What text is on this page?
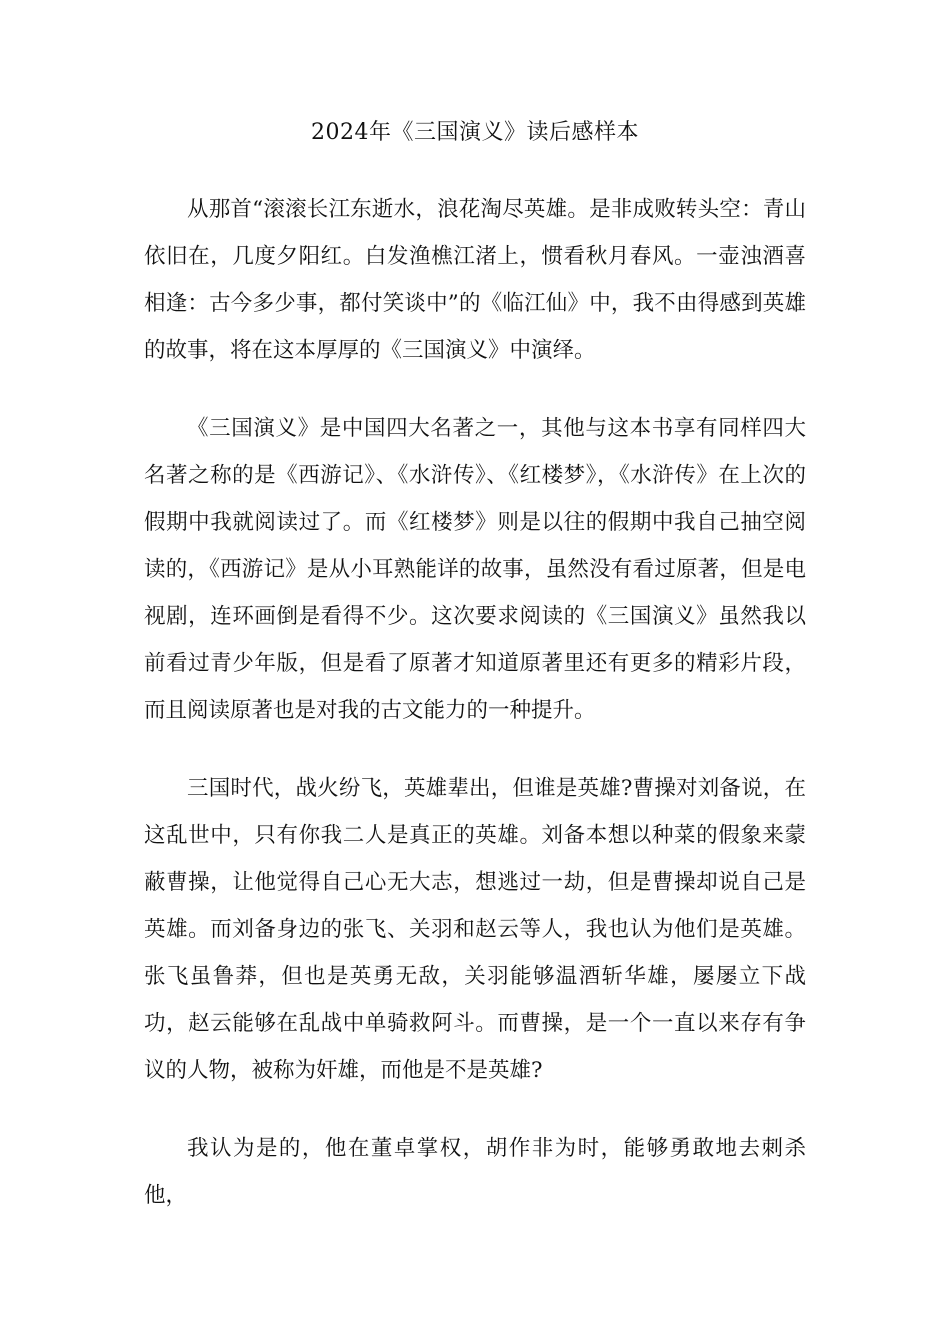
2024年《三国演义》读后感样本

从那首“滚滚长江东逝水，浪花淘尽英雄。是非成败转头空：青山依旧在，几度夕阳红。白发渔樵江渚上，惯看秋月春风。一壶浊酒喜相逢：古今多少事，都付笑谈中”的《临江仙》中，我不由得感到英雄的故事，将在这本厚厚的《三国演义》中演绎。

《三国演义》是中国四大名著之一，其他与这本书享有同样四大名著之称的是《西游记》、《水浒传》、《红楼梦》，《水浒传》在上次的假期中我就阅读过了。而《红楼梦》则是以往的假期中我自己抽空阅读的，《西游记》是从小耳熟能详的故事，虽然没有看过原著，但是电视剧，连环画倒是看得不少。这次要求阅读的《三国演义》虽然我以前看过青少年版，但是看了原著才知道原著里还有更多的精彩片段，而且阅读原著也是对我的古文能力的一种提升。

三国时代，战火纷飞，英雄辈出，但谁是英雄?曹操对刘备说，在这乱世中，只有你我二人是真正的英雄。刘备本想以种菜的假象来蒙蔽曹操，让他觉得自己心无大志，想逃过一劫，但是曹操却说自己是英雄。而刘备身边的张飞、关羽和赵云等人，我也认为他们是英雄。张飞虽鲁莽，但也是英勇无敌，关羽能够温酒斩华雄，屡屡立下战功，赵云能够在乱战中单骑救阿斗。而曹操，是一个一直以来存有争议的人物，被称为奸雄，而他是不是英雄?

我认为是的，他在董卓掌权，胡作非为时，能够勇敢地去刺杀他，
